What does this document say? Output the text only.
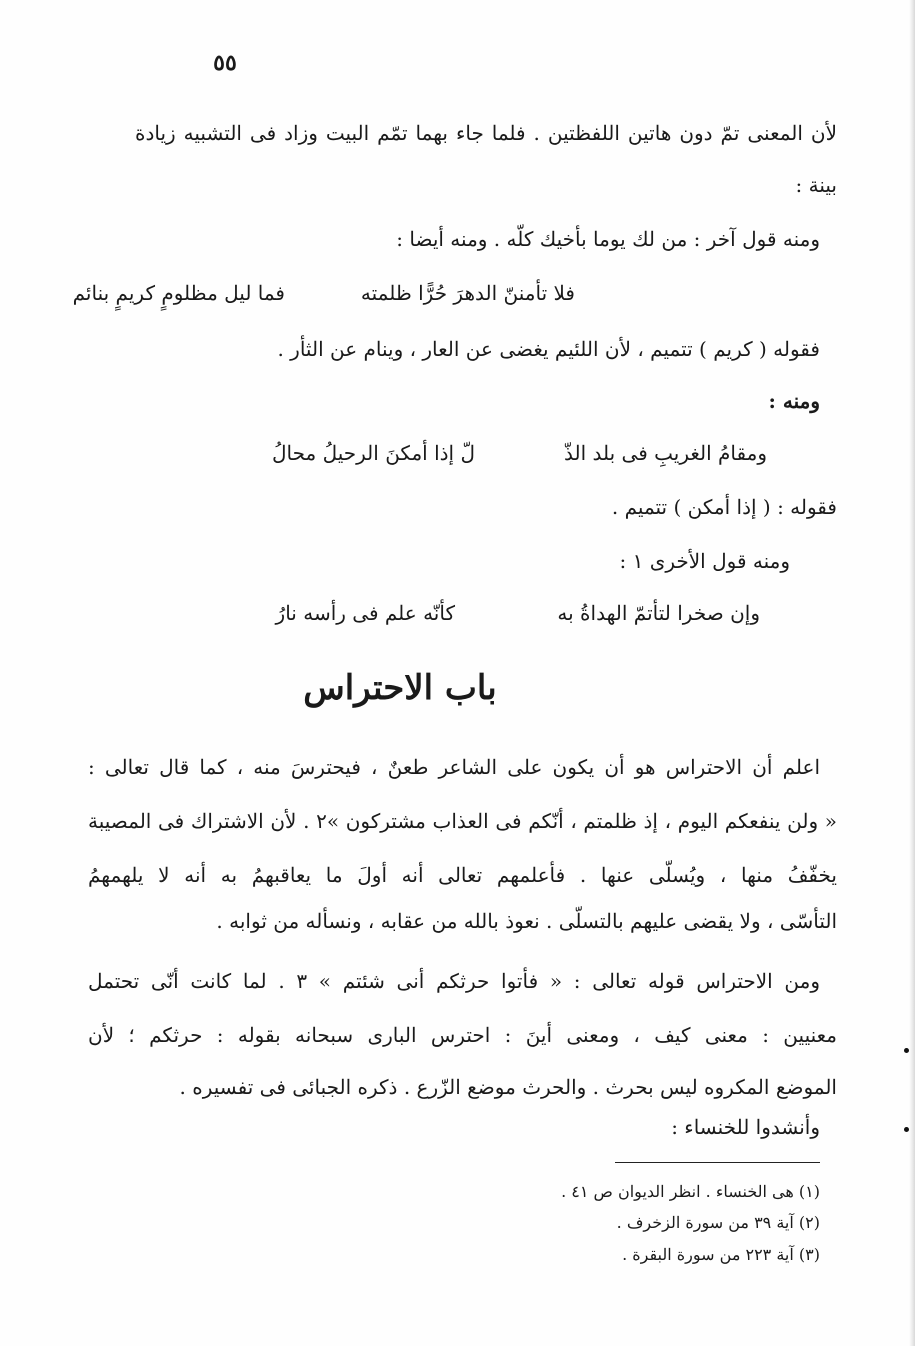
٥٥
لأن المعنى تمّ دون هاتين اللفظتين . فلما جاء بهما تمّم البيت وزاد فى التشبيه زيادة
بينة :
ومنه قول آخر : من لك يوما بأخيك كلّه . ومنه أيضا :
فلا تأمننّ الدهرَ حُرًّا ظلمته
فما ليل مظلومٍ كريمٍ بنائم
فقوله ( كريم ) تتميم ، لأن اللئيم يغضى عن العار ، وينام عن الثأر .
ومنه :
ومقامُ الغريبِ فى بلد الذّ
لّ إذا أمكنَ الرحيلُ محالُ
فقوله : ( إذا أمكن ) تتميم .
ومنه قول الأخرى ١ :
وإن صخرا لتأتمّ الهداةُ به
كأنّه علم فى رأسه نارُ
باب الاحتراس
اعلم أن الاحتراس هو أن يكون على الشاعر طعنٌ ، فيحترسَ منه ، كما قال تعالى :
« ولن ينفعكم اليوم ، إذ ظلمتم ، أنّكم فى العذاب مشتركون »٢ . لأن الاشتراك فى المصيبة
يخفّفُ منها ، ويُسلّى عنها . فأعلمهم تعالى أنه أولَ ما يعاقبهمُ به أنه لا يلهمهمُ
التأسّى ، ولا يقضى عليهم بالتسلّى . نعوذ بالله من عقابه ، ونسأله من ثوابه .
ومن الاحتراس قوله تعالى : « فأتوا حرثكم أنى شئتم » ٣ . لما كانت أنّى تحتمل
معنيين : معنى كيف ، ومعنى أينَ : احترس البارى سبحانه بقوله : حرثكم ؛ لأن
الموضع المكروه ليس بحرث . والحرث موضع الزّرع . ذكره الجبائى فى تفسيره .
وأنشدوا للخنساء :
(١) هى الخنساء . انظر الديوان ص ٤١ .
(٢) آية ٣٩ من سورة الزخرف .
(٣) آية ٢٢٣ من سورة البقرة .
